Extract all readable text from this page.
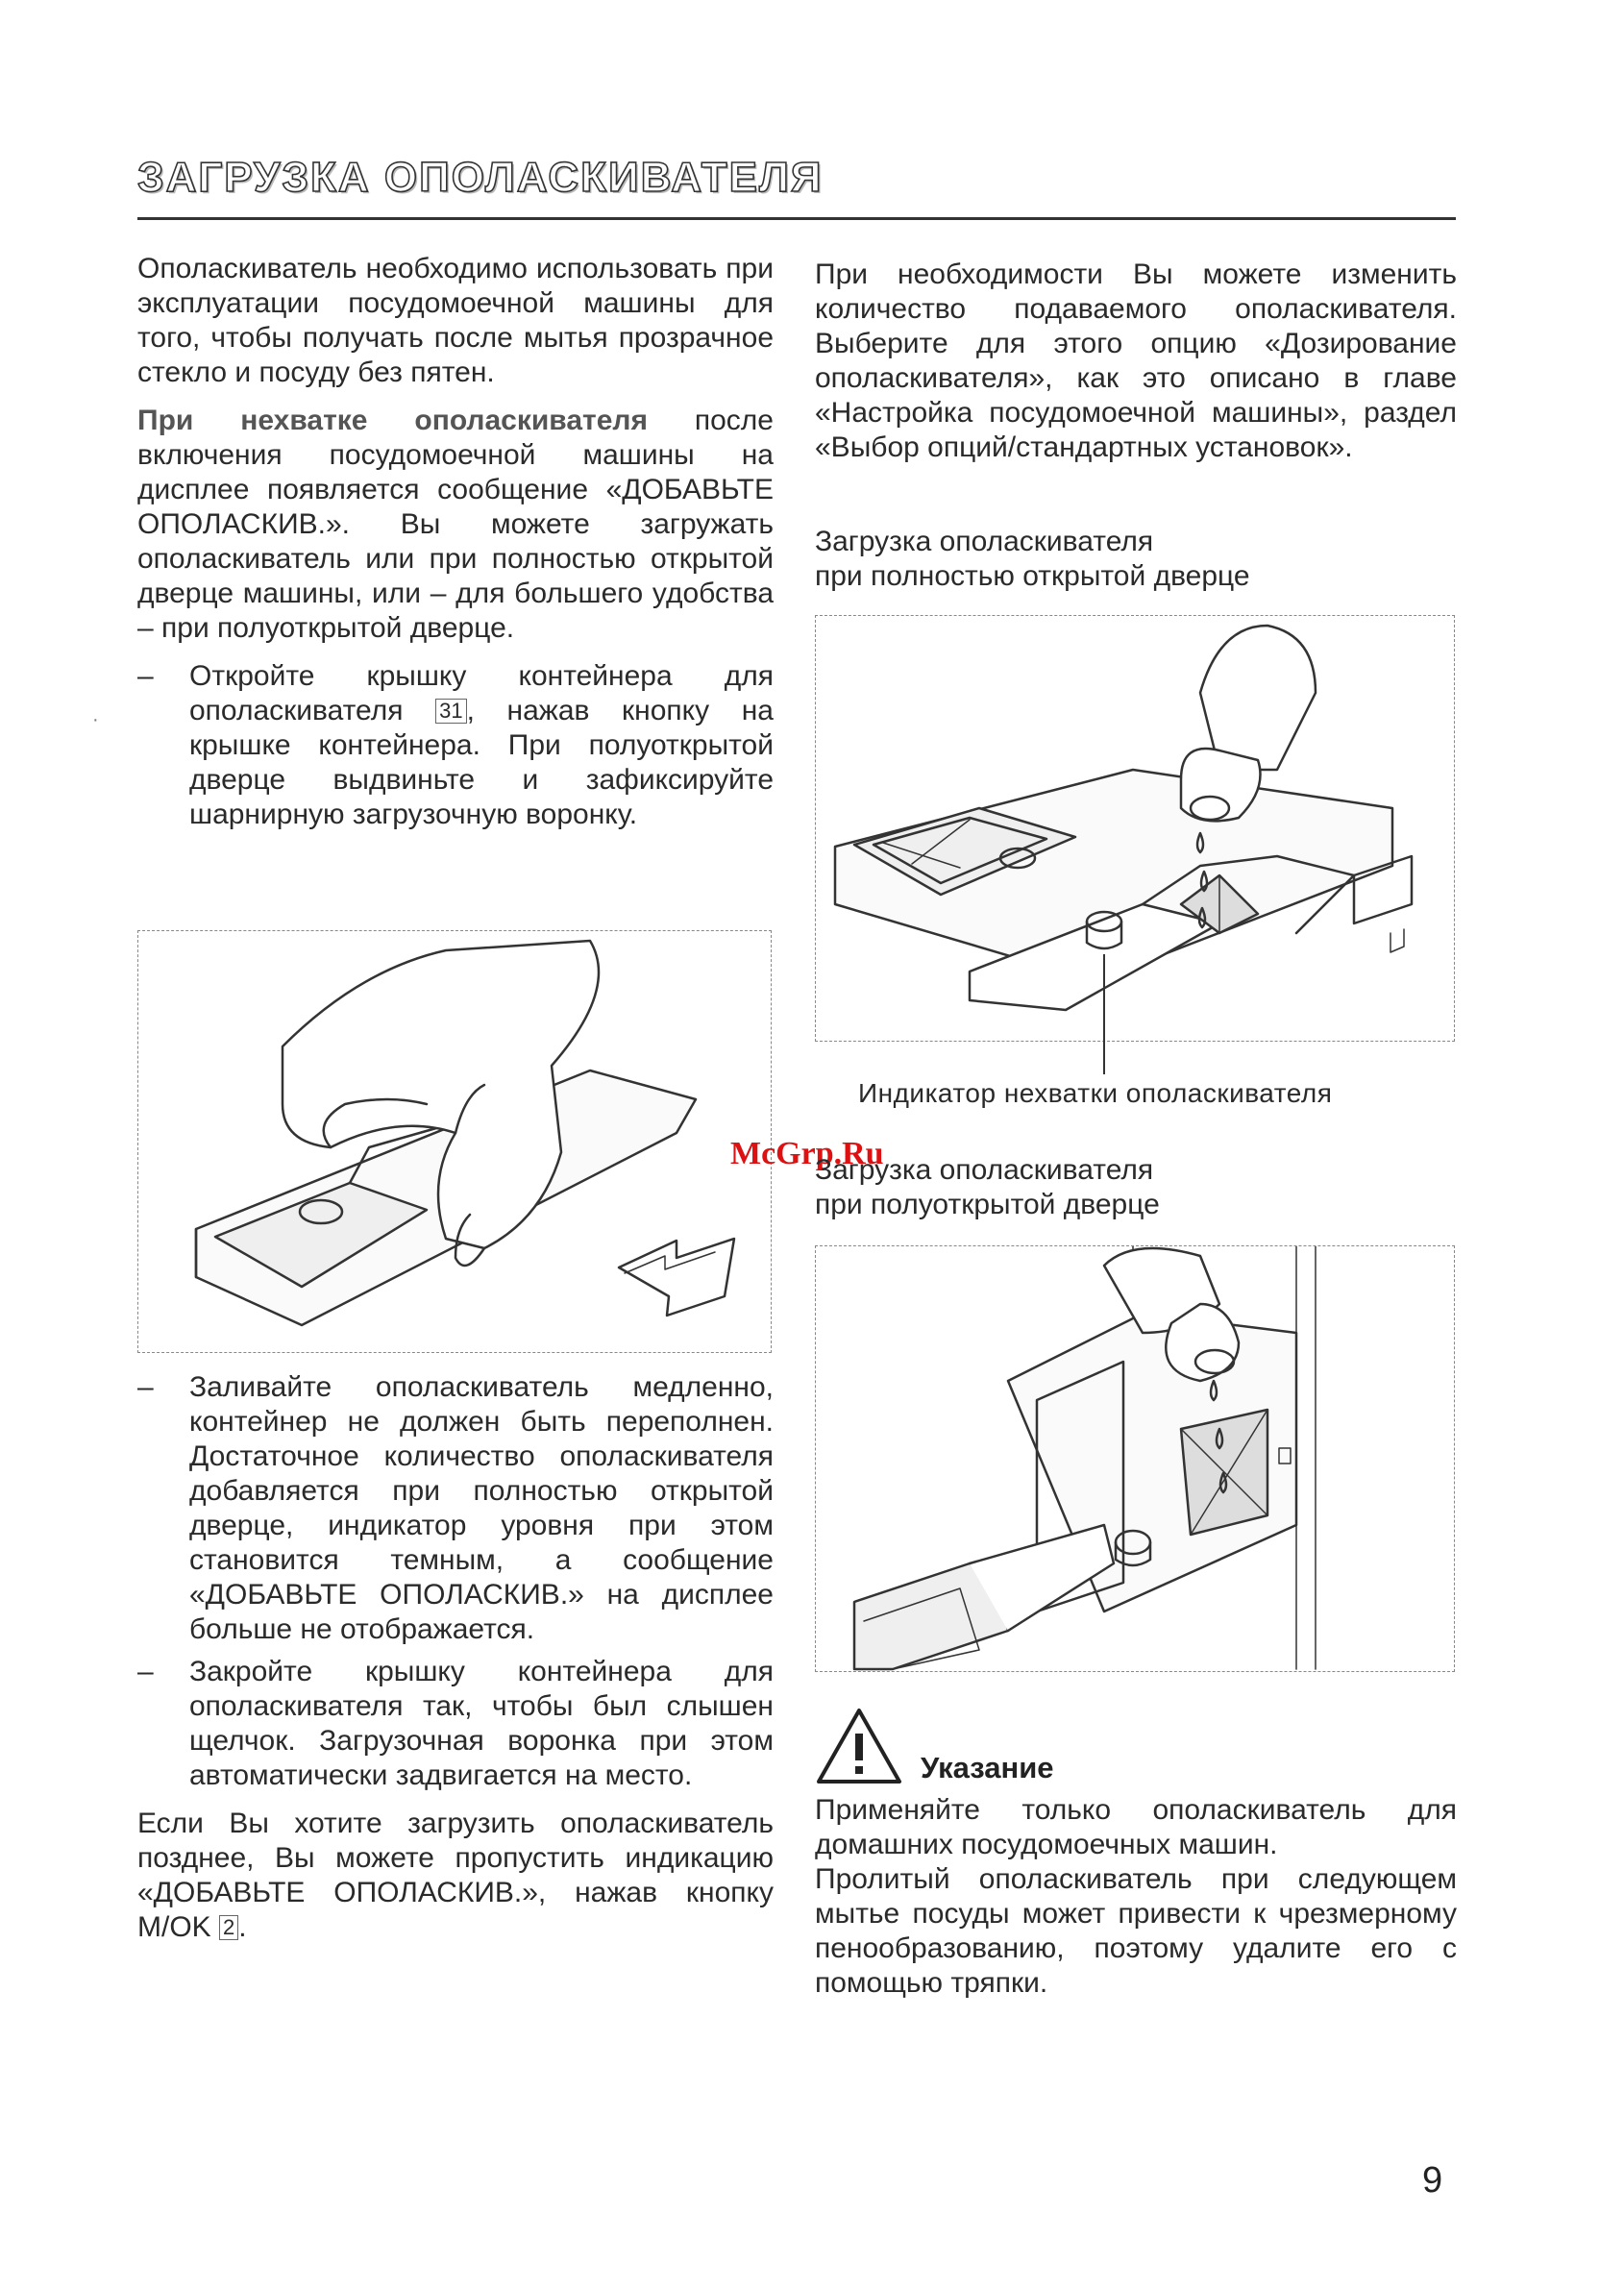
ЗАГРУЗКА ОПОЛАСКИВАТЕЛЯ
·

Ополаскиватель необходимо использовать при эксплуатации посудомоечной машины для того, чтобы получать после мытья прозрачное стекло и посуду без пятен.

При нехватке ополаскивателя после включения посудомоечной машины на дисплее появляется сообщение «ДОБАВЬТЕ ОПОЛАСКИВ.». Вы можете загружать ополаскиватель или при полностью открытой дверце машины, или – для большего удобства – при полуоткрытой дверце.

–	Откройте крышку контейнера для ополаскивателя 31 , нажав кнопку на крышке контейнера. При полуоткрытой дверце выдвиньте и зафиксируйте шарнирную загрузочную воронку.

–	Заливайте ополаскиватель медленно, контейнер не должен быть переполнен. Достаточное количество ополаскивателя добавляется при полностью открытой дверце, индикатор уровня при этом становится темным, а сообщение «ДОБАВЬТЕ ОПОЛАСКИВ.» на дисплее больше не отображается.

–	Закройте крышку контейнера для ополаскивателя так, чтобы был слышен щелчок. Загрузочная воронка при этом автоматически задвигается на место.

Если Вы хотите загрузить ополаскиватель позднее, Вы можете пропустить индикацию «ДОБАВЬТЕ ОПОЛАСКИВ.», нажав кнопку M/OK 2 .

При необходимости Вы можете изменить количество подаваемого ополаскивателя. Выберите для этого опцию «Дозирование ополаскивателя», как это описано в главе «Настройка посудомоечной машины», раздел «Выбор опций/стандартных установок».

Загрузка ополаскивателя
при полностью открытой дверце
Индикатор нехватки ополаскивателя
McGrp.Ru
Загрузка ополаскивателя
при полуоткрытой дверце
Указание

Применяйте только ополаскиватель для домашних посудомоечных машин.

Пролитый ополаскиватель при следующем мытье посуды может привести к чрезмерному пенообразованию, поэтому удалите его с помощью тряпки.

9
